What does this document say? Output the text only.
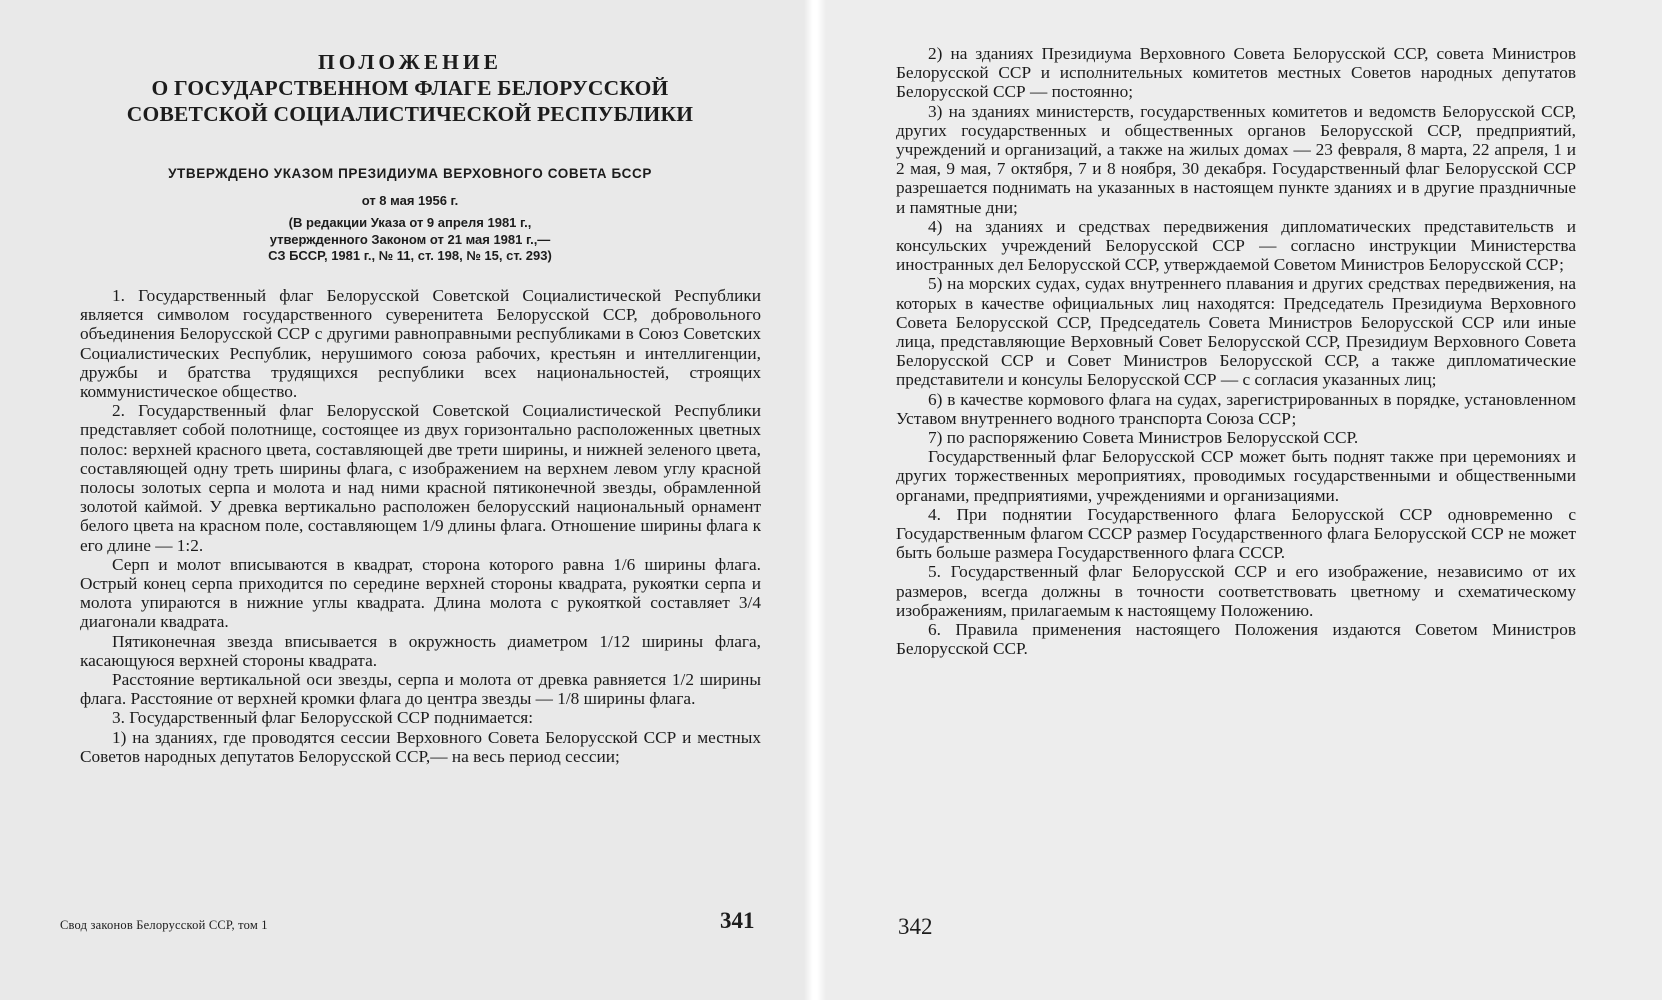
ПОЛОЖЕНИЕ
О ГОСУДАРСТВЕННОМ ФЛАГЕ БЕЛОРУССКОЙ
СОВЕТСКОЙ СОЦИАЛИСТИЧЕСКОЙ РЕСПУБЛИКИ
УТВЕРЖДЕНО УКАЗОМ ПРЕЗИДИУМА ВЕРХОВНОГО СОВЕТА БССР
от 8 мая 1956 г.
(В редакции Указа от 9 апреля 1981 г.,
утвержденного Законом от 21 мая 1981 г.,—
СЗ БССР, 1981 г., № 11, ст. 198, № 15, ст. 293)

1. Государственный флаг Белорусской Советской Социалистической Республики является символом государственного суверенитета Белорусской ССР, добровольного объединения Белорусской ССР с другими равноправными республиками в Союз Советских Социалистических Республик, нерушимого союза рабочих, крестьян и интеллигенции, дружбы и братства трудящихся республики всех национальностей, строящих коммунистическое общество.

2. Государственный флаг Белорусской Советской Социалистической Республики представляет собой полотнище, состоящее из двух горизонтально расположенных цветных полос: верхней красного цвета, составляющей две трети ширины, и нижней зеленого цвета, составляющей одну треть ширины флага, с изображением на верхнем левом углу красной полосы золотых серпа и молота и над ними красной пятиконечной звезды, обрамленной золотой каймой. У древка вертикально расположен белорусский национальный орнамент белого цвета на красном поле, составляющем 1/9 длины флага. Отношение ширины флага к его длине — 1:2.

Серп и молот вписываются в квадрат, сторона которого равна 1/6 ширины флага. Острый конец серпа приходится по середине верхней стороны квадрата, рукоятки серпа и молота упираются в нижние углы квадрата. Длина молота с рукояткой составляет 3/4 диагонали квадрата.

Пятиконечная звезда вписывается в окружность диаметром 1/12 ширины флага, касающуюся верхней стороны квадрата.

Расстояние вертикальной оси звезды, серпа и молота от древка равняется 1/2 ширины флага. Расстояние от верхней кромки флага до центра звезды — 1/8 ширины флага.

3. Государственный флаг Белорусской ССР поднимается:

1) на зданиях, где проводятся сессии Верховного Совета Белорусской ССР и местных Советов народных депутатов Белорусской ССР,— на весь период сессии;

Свод законов Белорусской ССР, том 1	341

2) на зданиях Президиума Верховного Совета Белорусской ССР, совета Министров Белорусской ССР и исполнительных комитетов местных Советов народных депутатов Белорусской ССР — постоянно;

3) на зданиях министерств, государственных комитетов и ведомств Белорусской ССР, других государственных и общественных органов Белорусской ССР, предприятий, учреждений и организаций, а также на жилых домах — 23 февраля, 8 марта, 22 апреля, 1 и 2 мая, 9 мая, 7 октября, 7 и 8 ноября, 30 декабря. Государственный флаг Белорусской ССР разрешается поднимать на указанных в настоящем пункте зданиях и в другие праздничные и памятные дни;

4) на зданиях и средствах передвижения дипломатических представительств и консульских учреждений Белорусской ССР — согласно инструкции Министерства иностранных дел Белорусской ССР, утверждаемой Советом Министров Белорусской ССР;

5) на морских судах, судах внутреннего плавания и других средствах передвижения, на которых в качестве официальных лиц находятся: Председатель Президиума Верховного Совета Белорусской ССР, Председатель Совета Министров Белорусской ССР или иные лица, представляющие Верховный Совет Белорусской ССР, Президиум Верховного Совета Белорусской ССР и Совет Министров Белорусской ССР, а также дипломатические представители и консулы Белорусской ССР — с согласия указанных лиц;

6) в качестве кормового флага на судах, зарегистрированных в порядке, установленном Уставом внутреннего водного транспорта Союза ССР;

7) по распоряжению Совета Министров Белорусской ССР.

Государственный флаг Белорусской ССР может быть поднят также при церемониях и других торжественных мероприятиях, проводимых государственными и общественными органами, предприятиями, учреждениями и организациями.

4. При поднятии Государственного флага Белорусской ССР одновременно с Государственным флагом СССР размер Государственного флага Белорусской ССР не может быть больше размера Государственного флага СССР.

5. Государственный флаг Белорусской ССР и его изображение, независимо от их размеров, всегда должны в точности соответствовать цветному и схематическому изображениям, прилагаемым к настоящему Положению.

6. Правила применения настоящего Положения издаются Советом Министров Белорусской ССР.

342
